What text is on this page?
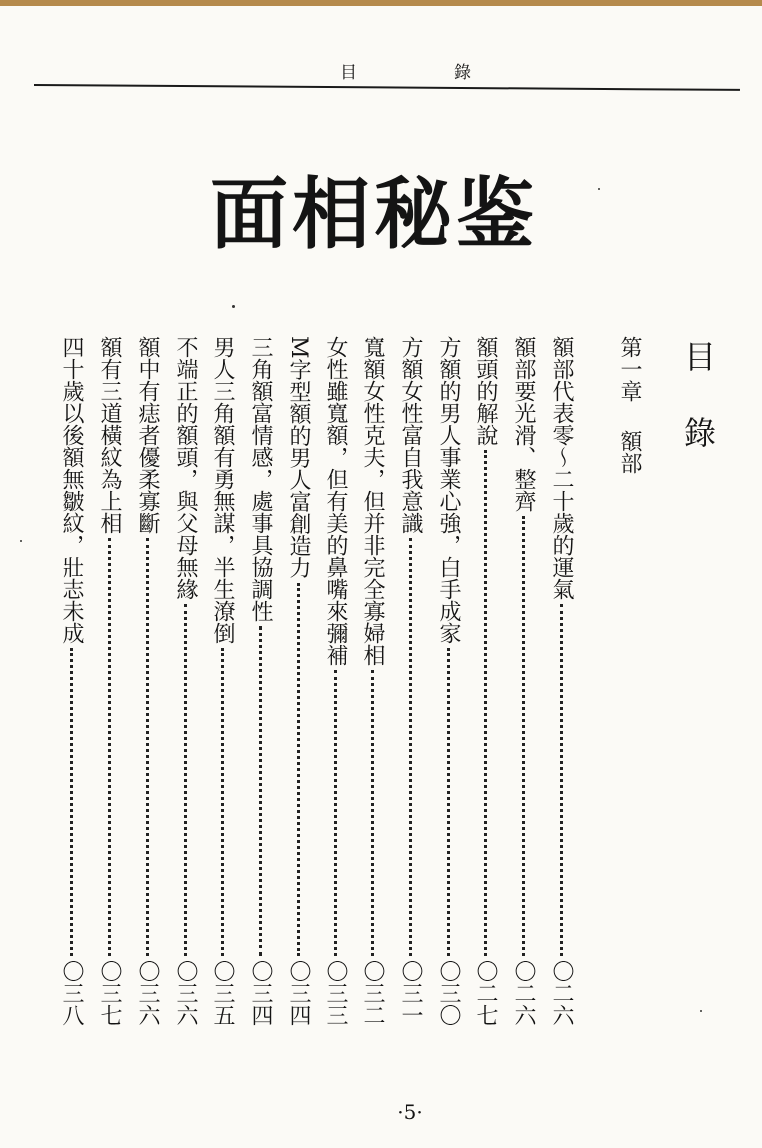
目　錄
面相秘鉴
目錄
第一章額部
額部代表零～二十歲的運氣
〇二六
額部要光滑、整齊
〇二六
額頭的解說
〇二七
方額的男人事業心強，白手成家
〇三〇
方額女性富自我意識
〇三一
寬額女性克夫，但并非完全寡婦相
〇三二
女性雖寬額，但有美的鼻嘴來彌補
〇三三
M字型額的男人富創造力
〇三四
三角額富情感，處事具協調性
〇三四
男人三角額有勇無謀，半生潦倒
〇三五
不端正的額頭，與父母無緣
〇三六
額中有痣者優柔寡斷
〇三六
額有三道橫紋為上相
〇三七
四十歲以後額無皺紋，壯志未成
〇三八
·5·
